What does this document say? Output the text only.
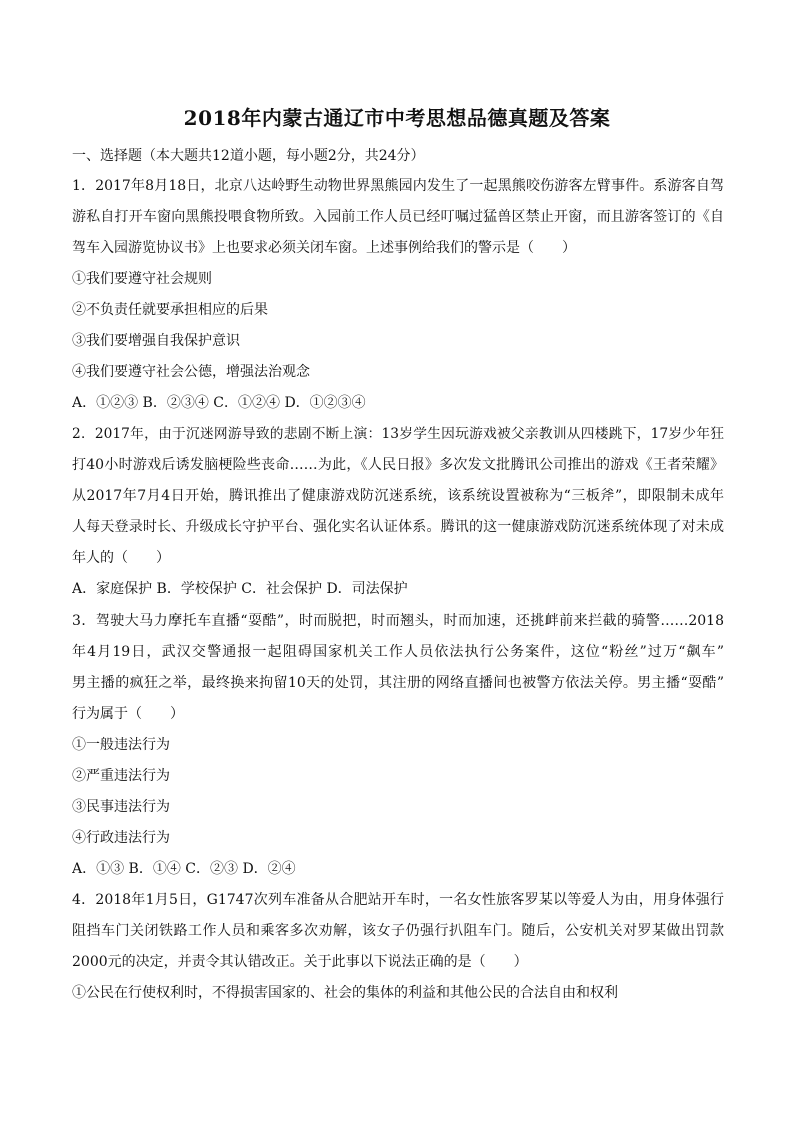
2018年内蒙古通辽市中考思想品德真题及答案
一、选择题（本大题共12道小题，每小题2分，共24分）
1．2017年8月18日，北京八达岭野生动物世界黑熊园内发生了一起黑熊咬伤游客左臂事件。系游客自驾
游私自打开车窗向黑熊投喂食物所致。入园前工作人员已经叮嘱过猛兽区禁止开窗，而且游客签订的《自
驾车入园游览协议书》上也要求必须关闭车窗。上述事例给我们的警示是（　　）
①我们要遵守社会规则
②不负责任就要承担相应的后果
③我们要增强自我保护意识
④我们要遵守社会公德，增强法治观念
A．①②③ B．②③④ C．①②④ D．①②③④
2．2017年，由于沉迷网游导致的悲剧不断上演：13岁学生因玩游戏被父亲教训从四楼跳下，17岁少年狂
打40小时游戏后诱发脑梗险些丧命……为此，《人民日报》多次发文批腾讯公司推出的游戏《王者荣耀》
从2017年7月4日开始，腾讯推出了健康游戏防沉迷系统，该系统设置被称为“三板斧”，即限制未成年
人每天登录时长、升级成长守护平台、强化实名认证体系。腾讯的这一健康游戏防沉迷系统体现了对未成
年人的（　　）
A．家庭保护 B．学校保护 C．社会保护 D．司法保护
3．驾驶大马力摩托车直播“耍酷”，时而脱把，时而翘头，时而加速，还挑衅前来拦截的骑警……2018
年4月19日，武汉交警通报一起阻碍国家机关工作人员依法执行公务案件，这位“粉丝”过万“飙车”
男主播的疯狂之举，最终换来拘留10天的处罚，其注册的网络直播间也被警方依法关停。男主播“耍酷”
行为属于（　　）
①一般违法行为
②严重违法行为
③民事违法行为
④行政违法行为
A．①③ B．①④ C．②③ D．②④
4．2018年1月5日，G1747次列车准备从合肥站开车时，一名女性旅客罗某以等爱人为由，用身体强行
阻挡车门关闭铁路工作人员和乘客多次劝解，该女子仍强行扒阻车门。随后，公安机关对罗某做出罚款
2000元的决定，并责令其认错改正。关于此事以下说法正确的是（　　）
①公民在行使权利时，不得损害国家的、社会的集体的利益和其他公民的合法自由和权利
